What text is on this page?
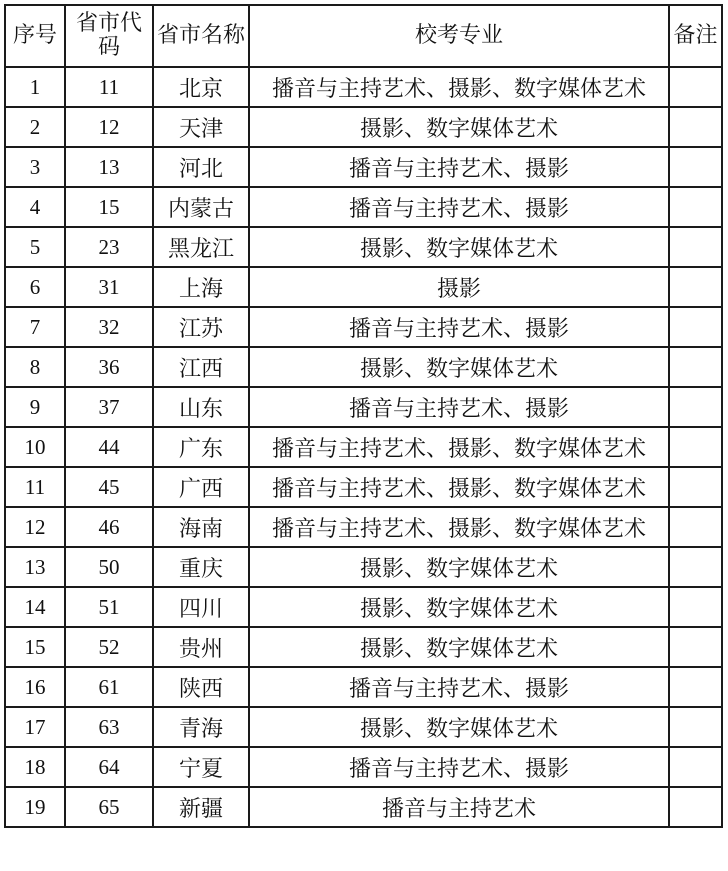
序号	省市代码	省市名称	校考专业	备注
1	11	北京	播音与主持艺术、摄影、数字媒体艺术	
2	12	天津	摄影、数字媒体艺术	
3	13	河北	播音与主持艺术、摄影	
4	15	内蒙古	播音与主持艺术、摄影	
5	23	黑龙江	摄影、数字媒体艺术	
6	31	上海	摄影	
7	32	江苏	播音与主持艺术、摄影	
8	36	江西	摄影、数字媒体艺术	
9	37	山东	播音与主持艺术、摄影	
10	44	广东	播音与主持艺术、摄影、数字媒体艺术	
11	45	广西	播音与主持艺术、摄影、数字媒体艺术	
12	46	海南	播音与主持艺术、摄影、数字媒体艺术	
13	50	重庆	摄影、数字媒体艺术	
14	51	四川	摄影、数字媒体艺术	
15	52	贵州	摄影、数字媒体艺术	
16	61	陕西	播音与主持艺术、摄影	
17	63	青海	摄影、数字媒体艺术	
18	64	宁夏	播音与主持艺术、摄影	
19	65	新疆	播音与主持艺术	
